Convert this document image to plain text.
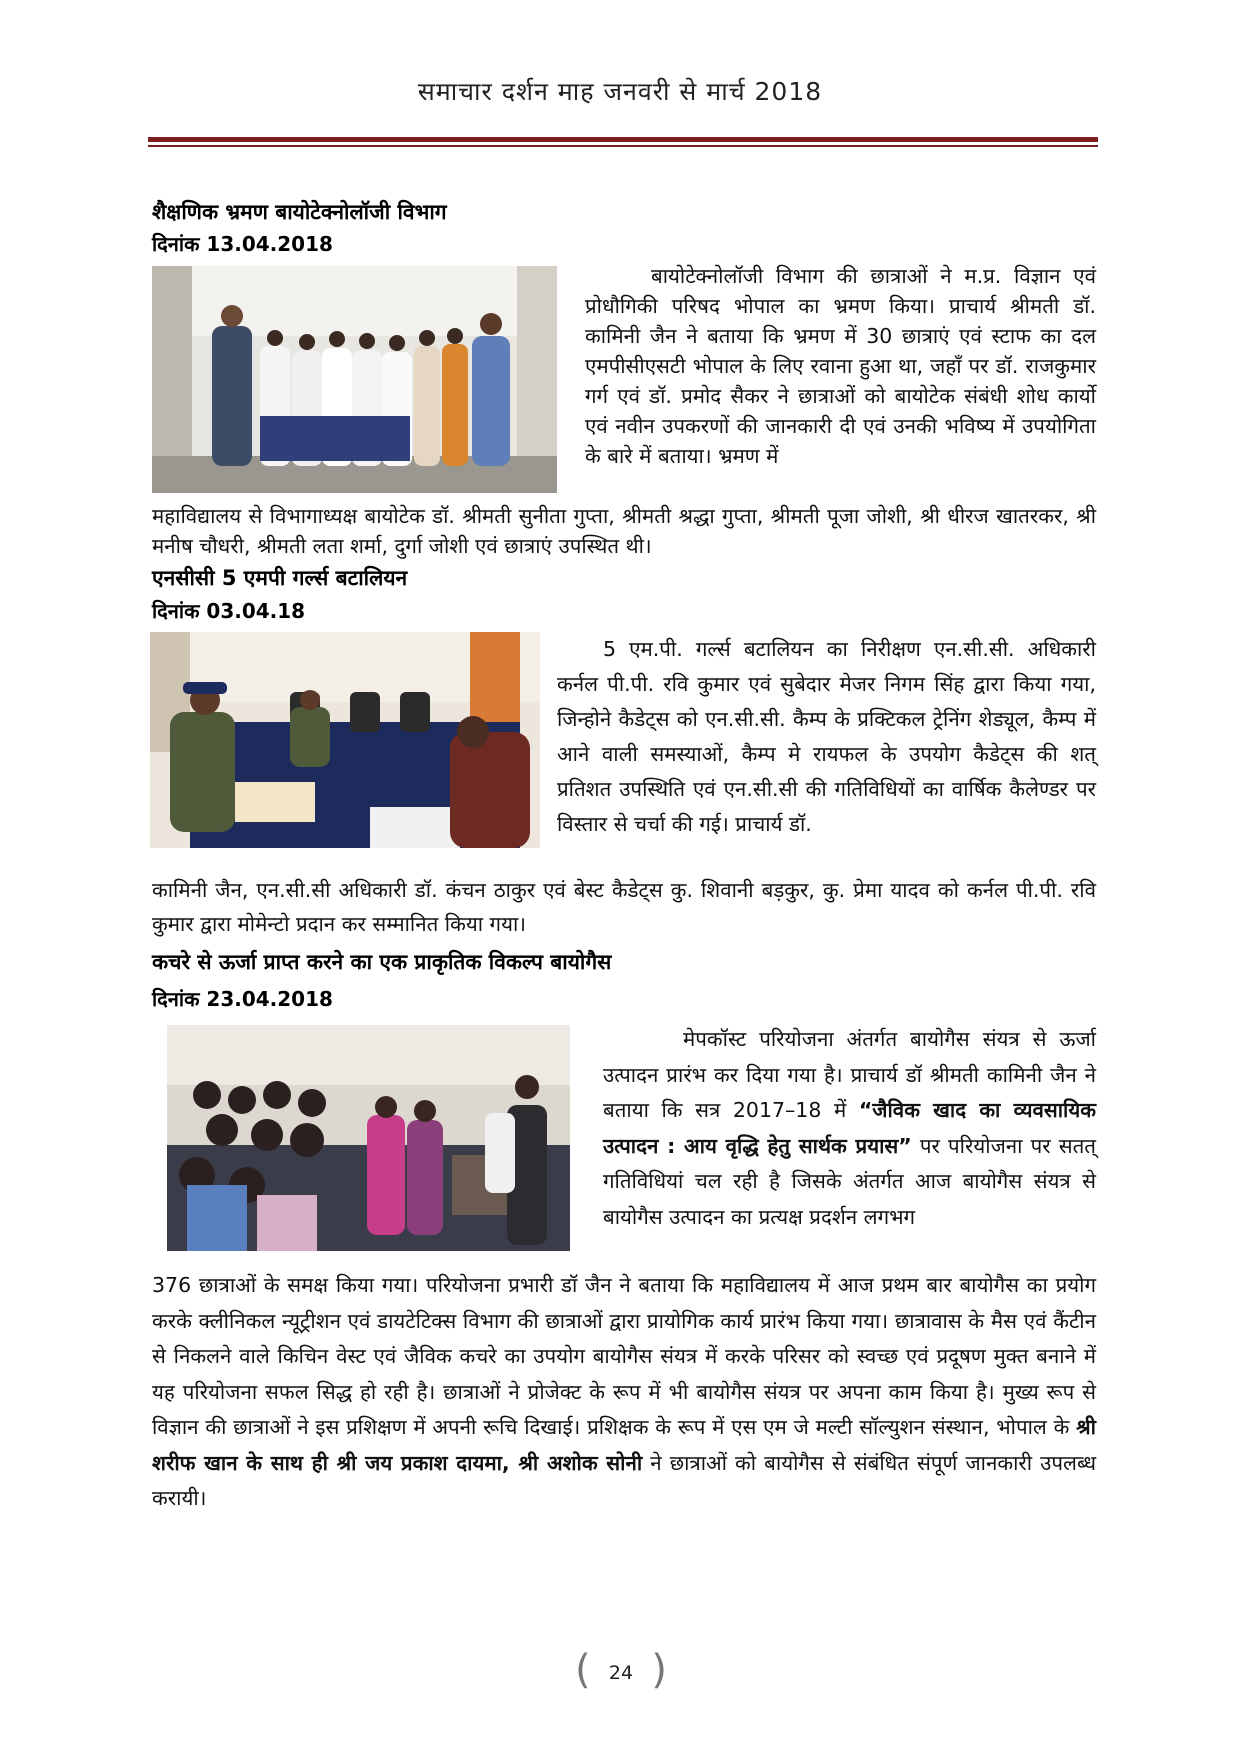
समाचार दर्शन माह जनवरी से मार्च 2018
शैक्षणिक भ्रमण बायोटेक्नोलॉजी विभाग
दिनांक 13.04.2018
बायोटेक्नोलॉजी विभाग की छात्राओं ने म.प्र. विज्ञान एवं प्रोधौगिकी परिषद भोपाल का भ्रमण किया। प्राचार्य श्रीमती डॉ. कामिनी जैन ने बताया कि भ्रमण में 30 छात्राएं एवं स्टाफ का दल एमपीसीएसटी भोपाल के लिए रवाना हुआ था, जहाँ पर डॉ. राजकुमार गर्ग एवं डॉ. प्रमोद सैकर ने छात्राओं को बायोटेक संबंधी शोध कार्यो एवं नवीन उपकरणों की जानकारी दी एवं उनकी भविष्य में उपयोगिता के बारे में बताया। भ्रमण में
महाविद्यालय से विभागाध्यक्ष बायोटेक डॉ. श्रीमती सुनीता गुप्ता, श्रीमती श्रद्धा गुप्ता, श्रीमती पूजा जोशी, श्री धीरज खातरकर, श्री मनीष चौधरी, श्रीमती लता शर्मा, दुर्गा जोशी एवं छात्राएं उपस्थित थी।
एनसीसी 5 एमपी गर्ल्स बटालियन
दिनांक 03.04.18
5 एम.पी. गर्ल्स बटालियन का निरीक्षण एन.सी.सी. अधिकारी कर्नल पी.पी. रवि कुमार एवं सुबेदार मेजर निगम सिंह द्वारा किया गया, जिन्होने कैडेट्स को एन.सी.सी. कैम्प के प्रक्टिकल ट्रेनिंग शेड्यूल, कैम्प में आने वाली समस्याओं, कैम्प मे रायफल के उपयोग कैडेट्स की शत् प्रतिशत उपस्थिति एवं एन.सी.सी की गतिविधियों का वार्षिक कैलेण्डर पर विस्तार से चर्चा की गई। प्राचार्य डॉ.
कामिनी जैन, एन.सी.सी अधिकारी डॉ. कंचन ठाकुर एवं बेस्ट कैडेट्स कु. शिवानी बड़कुर, कु. प्रेमा यादव को कर्नल पी.पी. रवि कुमार द्वारा मोमेन्टो प्रदान कर सम्मानित किया गया।
कचरे से ऊर्जा प्राप्त करने का एक प्राकृतिक विकल्प बायोगैस
दिनांक 23.04.2018
मेपकॉस्ट परियोजना अंतर्गत बायोगैस संयत्र से ऊर्जा उत्पादन प्रारंभ कर दिया गया है। प्राचार्य डॉ श्रीमती कामिनी जैन ने बताया कि सत्र 2017–18 में “जैविक खाद का व्यवसायिक उत्पादन : आय वृद्धि हेतु सार्थक प्रयास” पर परियोजना पर सतत् गतिविधियां चल रही है जिसके अंतर्गत आज बायोगैस संयत्र से बायोगैस उत्पादन का प्रत्यक्ष प्रदर्शन लगभग
376 छात्राओं के समक्ष किया गया। परियोजना प्रभारी डॉ जैन ने बताया कि महाविद्यालय में आज प्रथम बार बायोगैस का प्रयोग करके क्लीनिकल न्यूट्रीशन एवं डायटेटिक्स विभाग की छात्राओं द्वारा प्रायोगिक कार्य प्रारंभ किया गया। छात्रावास के मैस एवं कैंटीन से निकलने वाले किचिन वेस्ट एवं जैविक कचरे का उपयोग बायोगैस संयत्र में करके परिसर को स्वच्छ एवं प्रदूषण मुक्त बनाने में यह परियोजना सफल सिद्ध हो रही है। छात्राओं ने प्रोजेक्ट के रूप में भी बायोगैस संयत्र पर अपना काम किया है। मुख्य रूप से विज्ञान की छात्राओं ने इस प्रशिक्षण में अपनी रूचि दिखाई। प्रशिक्षक के रूप में एस एम जे मल्टी सॉल्युशन संस्थान, भोपाल के श्री शरीफ खान के साथ ही श्री जय प्रकाश दायमा, श्री अशोक सोनी ने छात्राओं को बायोगैस से संबंधित संपूर्ण जानकारी उपलब्ध करायी।
( 24 )
